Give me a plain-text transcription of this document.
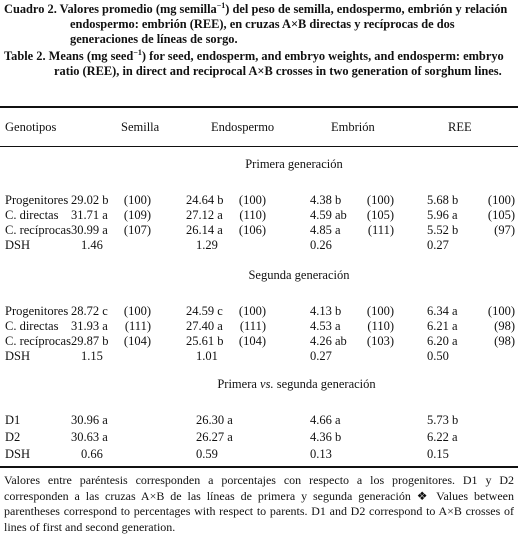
Cuadro 2. Valores promedio (mg semilla$^{-1}$) del peso de semilla, endospermo, embrión y relación endospermo: embrión (REE), en cruzas A×B directas y recíprocas de dos generaciones de líneas de sorgo.
Table 2. Means (mg seed$^{-1}$) for seed, endosperm, and embryo weights, and endosperm: embryo ratio (REE), in direct and reciprocal A×B crosses in two generation of sorghum lines.
Genotipos	Semilla	Endospermo	Embrión	REE
Primera generación
Progenitores 29.02 b	(100)	24.64 b	(100)	4.38 b	(100)	5.68 b	(100)
C. directas 31.71 a	(109)	27.12 a	(110)	4.59 ab	(105)	5.96 a	(105)
C. recíprocas 30.99 a	(107)	26.14 a	(106)	4.85 a	(111)	5.52 b	(97)
DSH	1.46	1.29	0.26	0.27
Segunda generación
Progenitores 28.72 c	(100)	24.59 c	(100)	4.13 b	(100)	6.34 a	(100)
C. directas 31.93 a	(111)	27.40 a	(111)	4.53 a	(110)	6.21 a	(98)
C. recíprocas 29.87 b	(104)	25.61 b	(104)	4.26 ab	(103)	6.20 a	(98)
DSH	1.15	1.01	0.27	0.50
Primera vs. segunda generación
D1	30.96 a	26.30 a	4.66 a	5.73 b
D2	30.63 a	26.27 a	4.36 b	6.22 a
DSH	0.66	0.59	0.13	0.15
Valores entre paréntesis corresponden a porcentajes con respecto a los progenitores. D1 y D2 corresponden a las cruzas A×B de las líneas de primera y segunda generación ❖ Values between parentheses correspond to percentages with respect to parents. D1 and D2 correspond to A×B crosses of lines of first and second generation.
